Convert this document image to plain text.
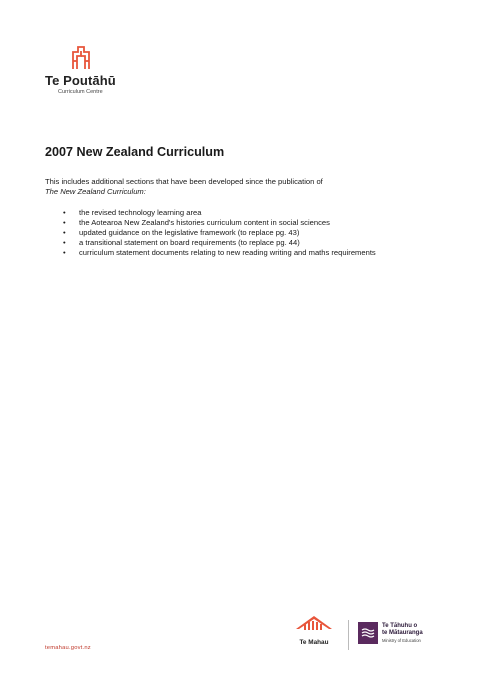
Te Poutāhū
Curriculum Centre
2007 New Zealand Curriculum

This includes additional sections that have been developed since the publication of
The New Zealand Curriculum:

• the revised technology learning area
• the Aotearoa New Zealand's histories curriculum content in social sciences
• updated guidance on the legislative framework (to replace pg. 43)
• a transitional statement on board requirements (to replace pg. 44)
• curriculum statement documents relating to new reading writing and maths requirements
temahau.govt.nz
Te Mahau
Te Tāhuhu o
te Mātauranga
Ministry of Education
